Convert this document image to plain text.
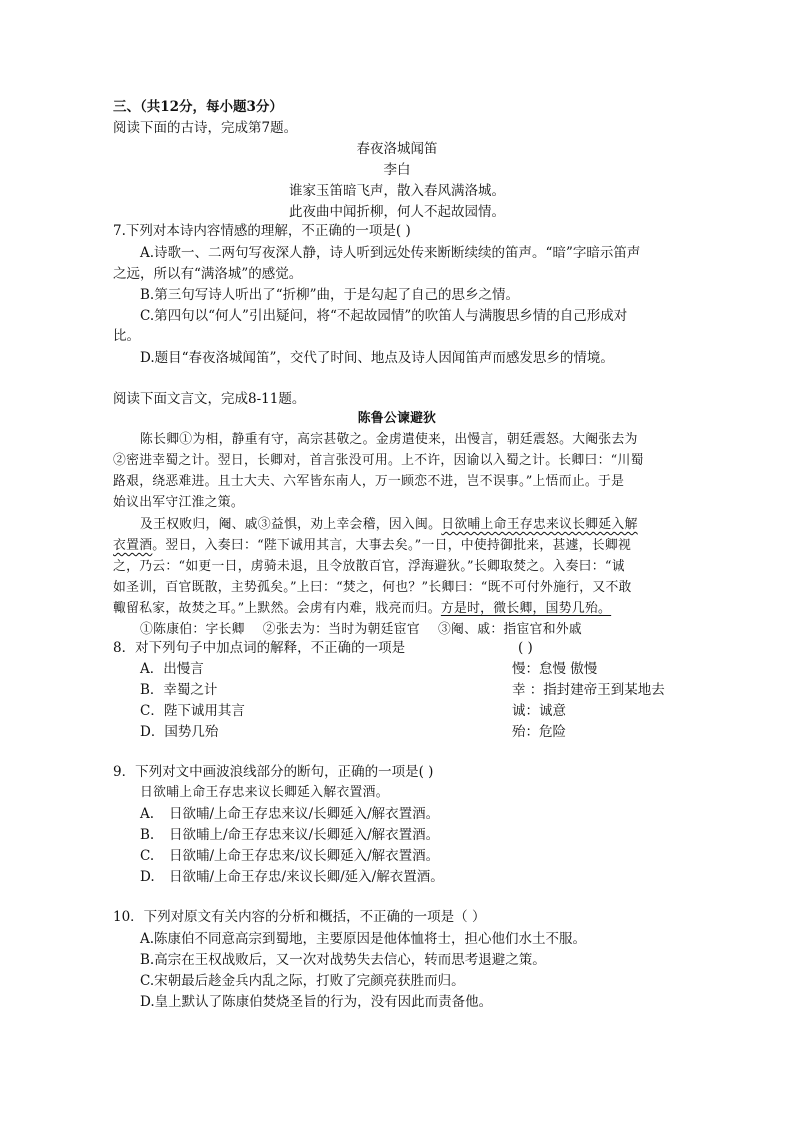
三、（共12分，每小题3分）
阅读下面的古诗，完成第7题。
春夜洛城闻笛
李白
谁家玉笛暗飞声，散入春风满洛城。
此夜曲中闻折柳，何人不起故园情。
7.下列对本诗内容情感的理解，不正确的一项是( )
A.诗歌一、二两句写夜深人静，诗人听到远处传来断断续续的笛声。“暗”字暗示笛声
之远，所以有“满洛城”的感觉。
B.第三句写诗人听出了“折柳”曲，于是勾起了自己的思乡之情。
C.第四句以“何人”引出疑问，将“不起故园情”的吹笛人与满腹思乡情的自己形成对
比。
D.题目“春夜洛城闻笛”，交代了时间、地点及诗人因闻笛声而感发思乡的情境。
阅读下面文言文，完成8-11题。
陈鲁公谏避狄
陈长卿①为相，静重有守，高宗甚敬之。金虏遣使来，出慢言，朝廷震怒。大阉张去为
②密进幸蜀之计。翌日，长卿对，首言张没可用。上不许，因谕以入蜀之计。长卿曰：“川蜀
路艰，绕恶难进。且士大夫、六军皆东南人，万一顾恋不进，岂不误事。”上悟而止。于是
始议出军守江淮之策。
及王权败归，阉、戚③益惧，劝上幸会稽，因入闽。日欲晡上命王存忠来议长卿延入解
衣置酒。翌日，入奏曰：“陛下诚用其言，大事去矣。”一日，中使持御批来，甚遽，长卿视
之，乃云：“如更一日，虏骑未退，且令放散百官，浮海避狄。”长卿取焚之。入奏曰：“诚
如圣训，百官既散，主势孤矣。”上曰：“焚之，何也？”长卿曰：“既不可付外施行，又不敢
輙留私家，故焚之耳。”上默然。会虏有内难，戕亮而归。方是时，微长卿，国势几殆。
①陈康伯：字长卿 ②张去为：当时为朝廷宦官 ③阉、戚：指宦官和外戚
8．对下列句子中加点词的解释，不正确的一项是	( )
A．出慢言	慢：怠慢 傲慢
B．幸蜀之计	幸 ：指封建帝王到某地去
C．陛下诚用其言	诚：诚意
D．国势几殆	殆：危险
9．下列对文中画波浪线部分的断句，正确的一项是( )
日欲晡上命王存忠来议长卿延入解衣置酒。
A. 日欲晡/上命王存忠来议/长卿延入/解衣置酒。
B. 日欲晡上/命王存忠来议/长卿延入/解衣置酒。
C. 日欲晡/上命王存忠来/议长卿延入/解衣置酒。
D. 日欲晡/上命王存忠/来议长卿/延入/解衣置酒。
10．下列对原文有关内容的分析和概括，不正确的一项是（ ）
A.陈康伯不同意高宗到蜀地，主要原因是他体恤将士，担心他们水土不服。
B.高宗在王权战败后，又一次对战势失去信心，转而思考退避之策。
C.宋朝最后趁金兵内乱之际，打败了完颜亮获胜而归。
D.皇上默认了陈康伯焚烧圣旨的行为，没有因此而责备他。
